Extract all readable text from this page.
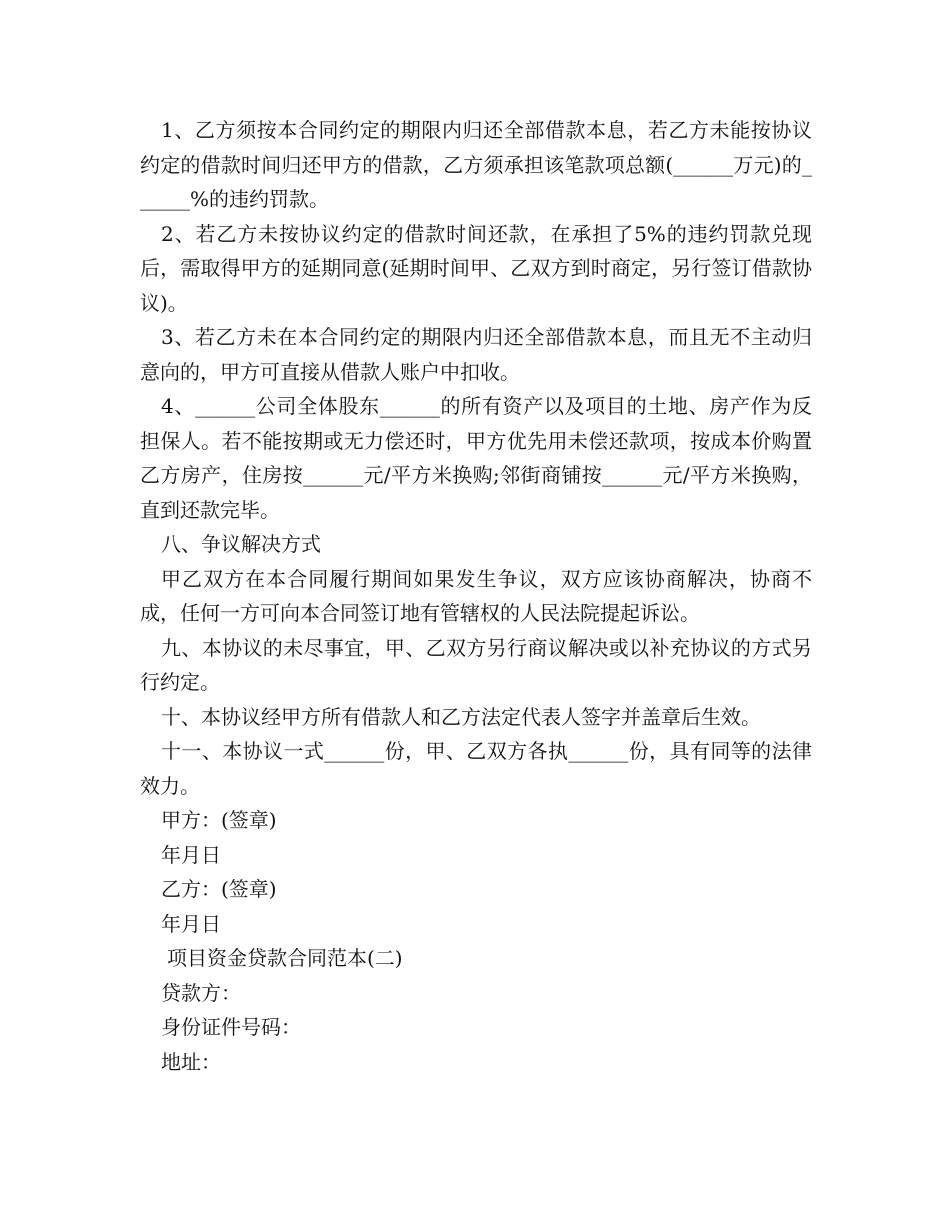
1、乙方须按本合同约定的期限内归还全部借款本息，若乙方未能按协议约定的借款时间归还甲方的借款，乙方须承担该笔款项总额(______万元)的______%的违约罚款。

2、若乙方未按协议约定的借款时间还款，在承担了5%的违约罚款兑现后，需取得甲方的延期同意(延期时间甲、乙双方到时商定，另行签订借款协议)。

3、若乙方未在本合同约定的期限内归还全部借款本息，而且无不主动归意向的，甲方可直接从借款人账户中扣收。

4、______公司全体股东______的所有资产以及项目的土地、房产作为反担保人。若不能按期或无力偿还时，甲方优先用未偿还款项，按成本价购置乙方房产，住房按______元/平方米换购;邻街商铺按______元/平方米换购，直到还款完毕。

八、争议解决方式

甲乙双方在本合同履行期间如果发生争议，双方应该协商解决，协商不成，任何一方可向本合同签订地有管辖权的人民法院提起诉讼。

九、本协议的未尽事宜，甲、乙双方另行商议解决或以补充协议的方式另行约定。

十、本协议经甲方所有借款人和乙方法定代表人签字并盖章后生效。

十一、本协议一式______份，甲、乙双方各执______份，具有同等的法律效力。

甲方：(签章)

年月日

乙方：(签章)

年月日

项目资金贷款合同范本(二)

贷款方：

身份证件号码：

地址：
